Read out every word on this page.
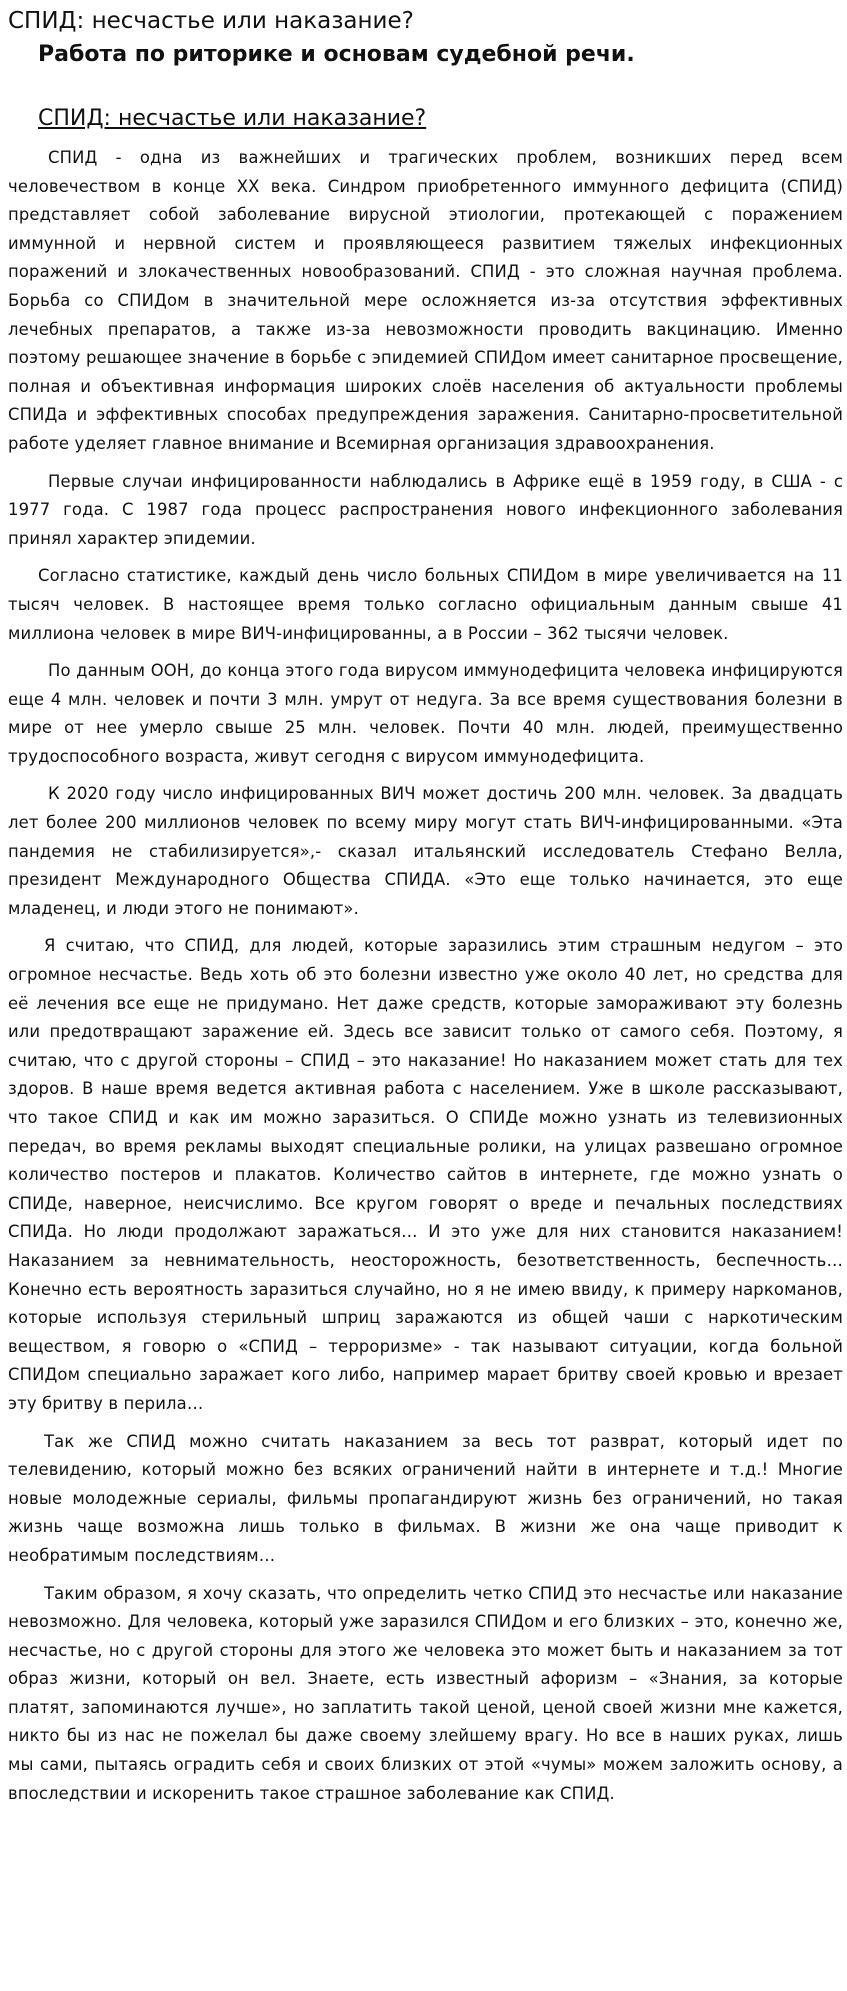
СПИД: несчастье или наказание?
Работа по риторике и основам судебной речи.
СПИД: несчастье или наказание?

СПИД - одна из важнейших и трагических проблем, возникших перед всем человечеством в конце XX века. Синдром приобретенного иммунного дефицита (СПИД) представляет собой заболевание вирусной этиологии, протекающей с поражением иммунной и нервной систем и проявляющееся развитием тяжелых инфекционных поражений и злокачественных новообразований. СПИД - это сложная научная проблема. Борьба со СПИДом в значительной мере осложняется из-за отсутствия эффективных лечебных препаратов, а также из-за невозможности проводить вакцинацию. Именно поэтому решающее значение в борьбе с эпидемией СПИДом имеет санитарное просвещение, полная и объективная информация широких слоёв населения об актуальности проблемы СПИДа и эффективных способах предупреждения заражения. Санитарно-просветительной работе уделяет главное внимание и Всемирная организация здравоохранения.

Первые случаи инфицированности наблюдались в Африке ещё в 1959 году, в США - с 1977 года. С 1987 года процесс распространения нового инфекционного заболевания принял характер эпидемии.

Согласно статистике, каждый день число больных СПИДом в мире увеличивается на 11 тысяч человек. В настоящее время только согласно официальным данным свыше 41 миллиона человек в мире ВИЧ-инфицированны, а в России – 362 тысячи человек.

По данным ООН, до конца этого года вирусом иммунодефицита человека инфицируются еще 4 млн. человек и почти 3 млн. умрут от недуга. За все время существования болезни в мире от нее умерло свыше 25 млн. человек. Почти 40 млн. людей, преимущественно трудоспособного возраста, живут сегодня с вирусом иммунодефицита.

К 2020 году число инфицированных ВИЧ может достичь 200 млн. человек. За двадцать лет более 200 миллионов человек по всему миру могут стать ВИЧ-инфицированными. «Эта пандемия не стабилизируется»,- сказал итальянский исследователь Стефано Велла, президент Международного Общества СПИДА. «Это еще только начинается, это еще младенец, и люди этого не понимают».

Я считаю, что СПИД, для людей, которые заразились этим страшным недугом – это огромное несчастье. Ведь хоть об это болезни известно уже около 40 лет, но средства для её лечения все еще не придумано. Нет даже средств, которые замораживают эту болезнь или предотвращают заражение ей. Здесь все зависит только от самого себя. Поэтому, я считаю, что с другой стороны – СПИД – это наказание! Но наказанием может стать для тех здоров. В наше время ведется активная работа с населением. Уже в школе рассказывают, что такое СПИД и как им можно заразиться. О СПИДе можно узнать из телевизионных передач, во время рекламы выходят специальные ролики, на улицах развешано огромное количество постеров и плакатов. Количество сайтов в интернете, где можно узнать о СПИДе, наверное, неисчислимо. Все кругом говорят о вреде и печальных последствиях СПИДа. Но люди продолжают заражаться… И это уже для них становится наказанием! Наказанием за невнимательность, неосторожность, безответственность, беспечность… Конечно есть вероятность заразиться случайно, но я не имею ввиду, к примеру наркоманов, которые используя стерильный шприц заражаются из общей чаши с наркотическим веществом, я говорю о «СПИД – терроризме» - так называют ситуации, когда больной СПИДом специально заражает кого либо, например марает бритву своей кровью и врезает эту бритву в перила…

Так же СПИД можно считать наказанием за весь тот разврат, который идет по телевидению, который можно без всяких ограничений найти в интернете и т.д.! Многие новые молодежные сериалы, фильмы пропагандируют жизнь без ограничений, но такая жизнь чаще возможна лишь только в фильмах. В жизни же она чаще приводит к необратимым последствиям…

Таким образом, я хочу сказать, что определить четко СПИД это несчастье или наказание невозможно. Для человека, который уже заразился СПИДом и его близких – это, конечно же, несчастье, но с другой стороны для этого же человека это может быть и наказанием за тот образ жизни, который он вел. Знаете, есть известный афоризм – «Знания, за которые платят, запоминаются лучше», но заплатить такой ценой, ценой своей жизни мне кажется, никто бы из нас не пожелал бы даже своему злейшему врагу. Но все в наших руках, лишь мы сами, пытаясь оградить себя и своих близких от этой «чумы» можем заложить основу, а впоследствии и искоренить такое страшное заболевание как СПИД.
